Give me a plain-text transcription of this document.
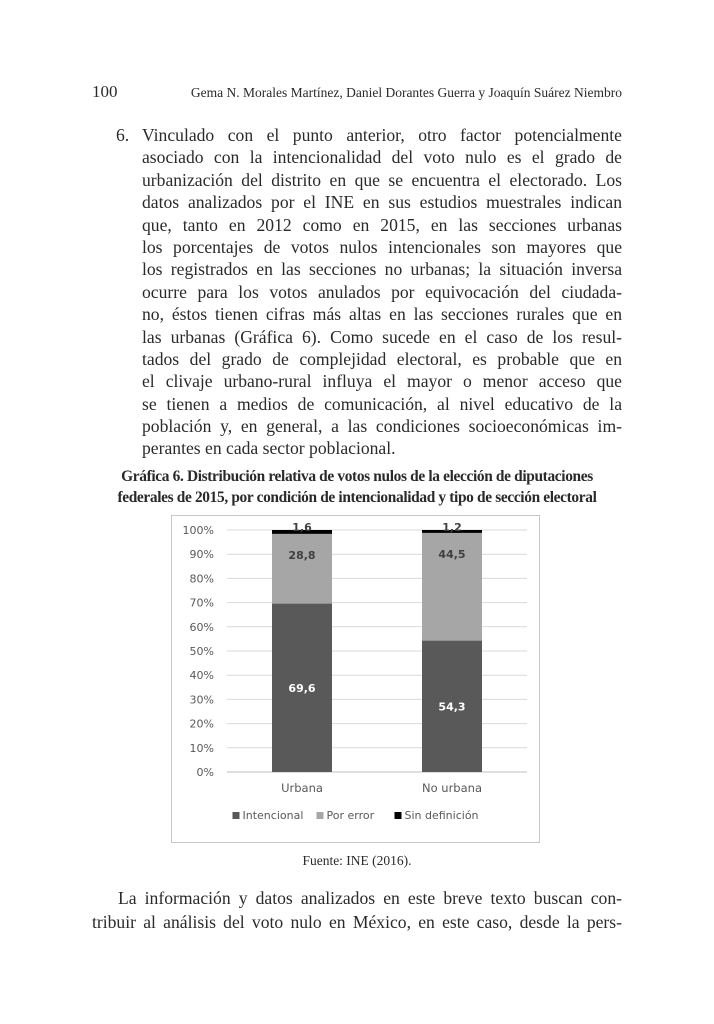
100	Gema N. Morales Martínez, Daniel Dorantes Guerra y Joaquín Suárez Niembro
6. Vinculado con el punto anterior, otro factor potencialmente
asociado con la intencionalidad del voto nulo es el grado de
urbanización del distrito en que se encuentra el electorado. Los
datos analizados por el INE en sus estudios muestrales indican
que, tanto en 2012 como en 2015, en las secciones urbanas
los porcentajes de votos nulos intencionales son mayores que
los registrados en las secciones no urbanas; la situación inversa
ocurre para los votos anulados por equivocación del ciudada-
no, éstos tienen cifras más altas en las secciones rurales que en
las urbanas (Gráfica 6). Como sucede en el caso de los resul-
tados del grado de complejidad electoral, es probable que en
el clivaje urbano-rural influya el mayor o menor acceso que
se tienen a medios de comunicación, al nivel educativo de la
población y, en general, a las condiciones socioeconómicas im-
perantes en cada sector poblacional.
Gráfica 6. Distribución relativa de votos nulos de la elección de diputaciones
federales de 2015, por condición de intencionalidad y tipo de sección electoral
0%
10%
20%
30%
40%
50%
60%
70%
80%
90%
100%
69,6
28,8
1,6
Urbana
54,3
44,5
1,2
No urbana
Intencional Por error	Sin definición
Fuente: INE (2016).
La información y datos analizados en este breve texto buscan con-
tribuir al análisis del voto nulo en México, en este caso, desde la pers-
